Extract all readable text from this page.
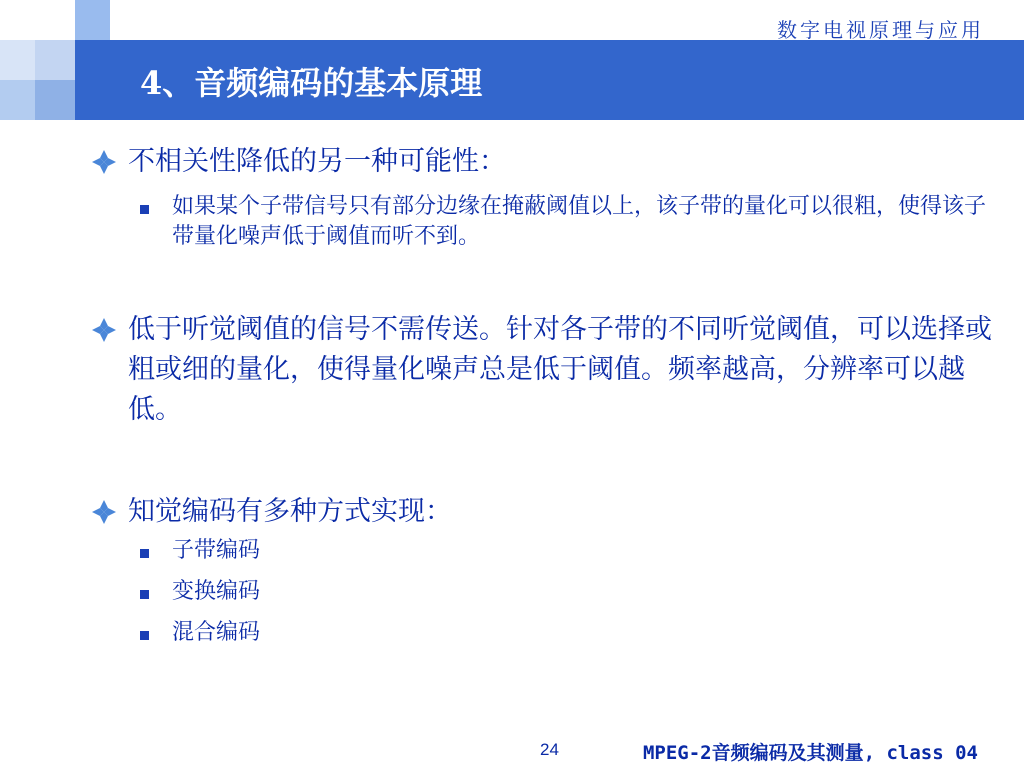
数字电视原理与应用
4、音频编码的基本原理
不相关性降低的另一种可能性：
如果某个子带信号只有部分边缘在掩蔽阈值以上，该子带的量化可以很粗，使得该子带量化噪声低于阈值而听不到。
低于听觉阈值的信号不需传送。针对各子带的不同听觉阈值，可以选择或粗或细的量化，使得量化噪声总是低于阈值。频率越高，分辨率可以越低。
知觉编码有多种方式实现：
子带编码
变换编码
混合编码
24	MPEG-2音频编码及其测量, class 04
